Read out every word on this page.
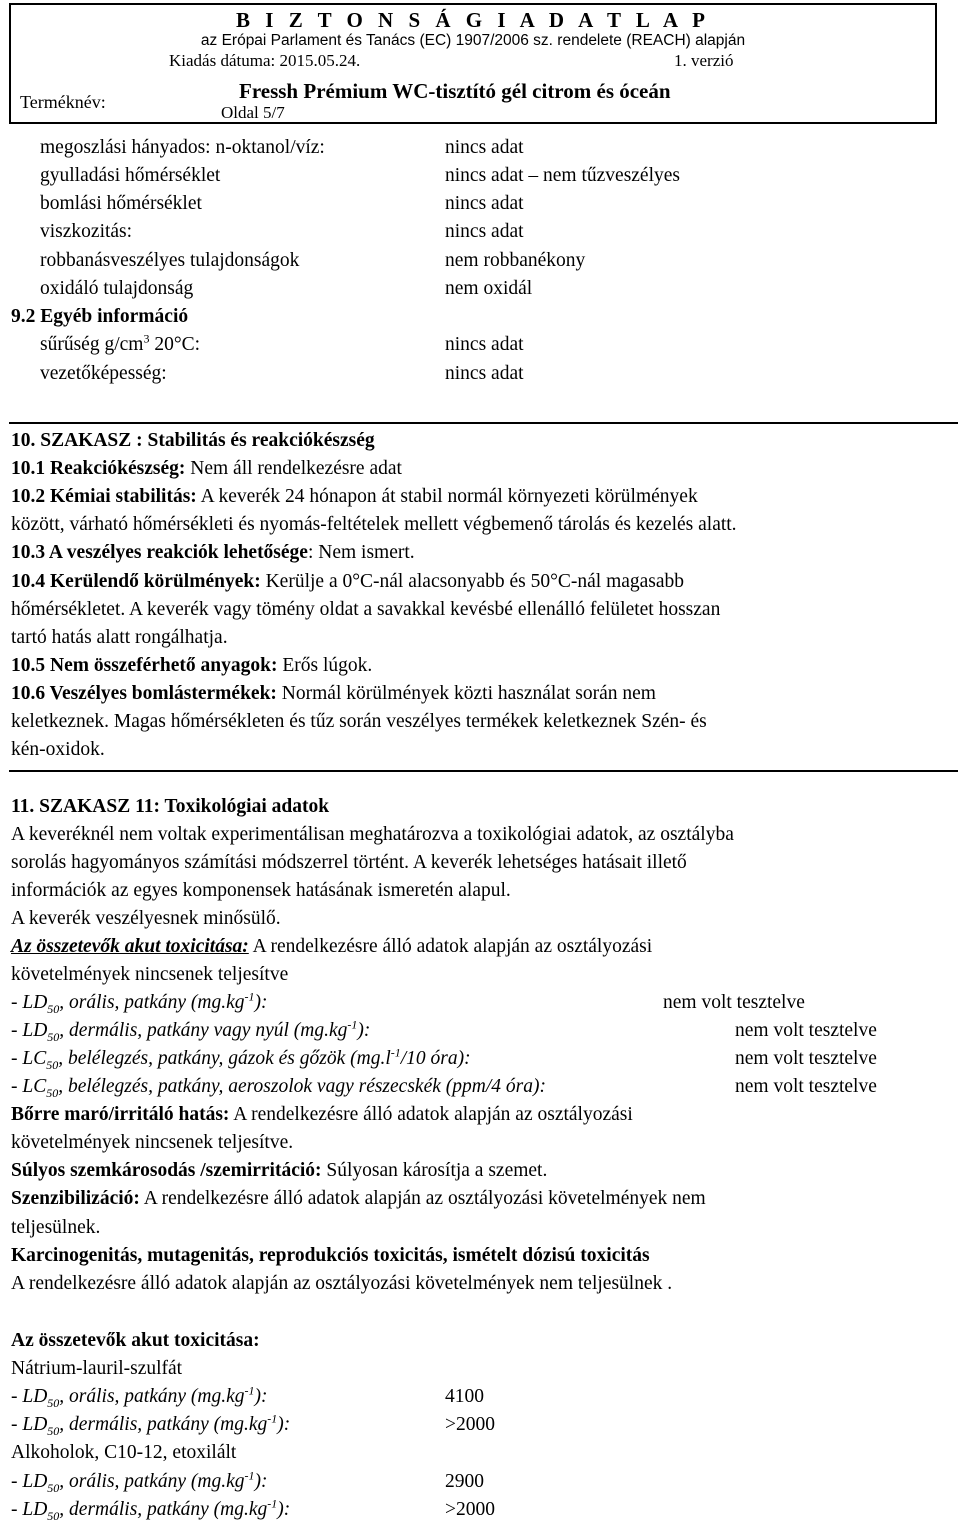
B I Z T O N S Á G I A D A T L A P
az Erópai Parlament és Tanács (EC) 1907/2006 sz. rendelete (REACH) alapján
Kiadás dátuma: 2015.05.24.	1. verzió
Terméknév:	Fressh Prémium WC-tisztító gél citrom és óceán
Oldal 5/7
megoszlási hányados: n-oktanol/víz:	nincs adat
gyulladási hőmérséklet	nincs adat – nem tűzveszélyes
bomlási hőmérséklet	nincs adat
viszkozitás:	nincs adat
robbanásveszélyes tulajdonságok	nem robbanékony
oxidáló tulajdonság	nem oxidál
9.2 Egyéb információ
sűrűség $g/cm^3$ 20°C:	nincs adat
vezetőképesség:	nincs adat
10. SZAKASZ : Stabilitás és reakciókészség
10.1 Reakciókészség: Nem áll rendelkezésre adat
10.2 Kémiai stabilitás: A keverék 24 hónapon át stabil normál környezeti körülmények
között, várható hőmérsékleti és nyomás-feltételek mellett végbemenő tárolás és kezelés alatt.
10.3 A veszélyes reakciók lehetősége: Nem ismert.
10.4 Kerülendő körülmények: Kerülje a 0°C-nál alacsonyabb és 50°C-nál magasabb
hőmérsékletet. A keverék vagy tömény oldat a savakkal kevésbé ellenálló felületet hosszan
tartó hatás alatt rongálhatja.
10.5 Nem összeférhető anyagok: Erős lúgok.
10.6 Veszélyes bomlástermékek: Normál körülmények közti használat során nem
keletkeznek. Magas hőmérsékleten és tűz során veszélyes termékek keletkeznek Szén- és
kén-oxidok.
11. SZAKASZ 11: Toxikológiai adatok
A keveréknél nem voltak experimentálisan meghatározva a toxikológiai adatok, az osztályba
sorolás hagyományos számítási módszerrel történt. A keverék lehetséges hatásait illető
információk az egyes komponensek hatásának ismeretén alapul.
A keverék veszélyesnek minősülő.
Az összetevők akut toxicitása: A rendelkezésre álló adatok alapján az osztályozási
követelmények nincsenek teljesítve
- $LD_{50}$, orális, patkány $(mg.kg^{-1})$:	nem volt tesztelve
- $LD_{50}$, dermális, patkány vagy nyúl $(mg.kg^{-1})$:	nem volt tesztelve
- $LC_{50}$, belélegzés, patkány, gázok és gőzök ($mg.l^{-1}/10$ óra):	nem volt tesztelve
- $LC_{50}$, belélegzés, patkány, aeroszolok vagy részecskék (ppm/4 óra):	nem volt tesztelve
Bőrre maró/irritáló hatás: A rendelkezésre álló adatok alapján az osztályozási
követelmények nincsenek teljesítve.
Súlyos szemkárosodás /szemirritáció: Súlyosan károsítja a szemet.
Szenzibilizáció: A rendelkezésre álló adatok alapján az osztályozási követelmények nem
teljesülnek.
Karcinogenitás, mutagenitás, reprodukciós toxicitás, ismételt dózisú toxicitás
A rendelkezésre álló adatok alapján az osztályozási követelmények nem teljesülnek .
Az összetevők akut toxicitása:
Nátrium-lauril-szulfát
- $LD_{50}$, orális, patkány $(mg.kg^{-1})$:	4100
- $LD_{50}$, dermális, patkány $(mg.kg^{-1})$:	>2000
Alkoholok, C10-12, etoxilált
- $LD_{50}$, orális, patkány $(mg.kg^{-1})$:	2900
- $LD_{50}$, dermális, patkány $(mg.kg^{-1})$:	>2000
